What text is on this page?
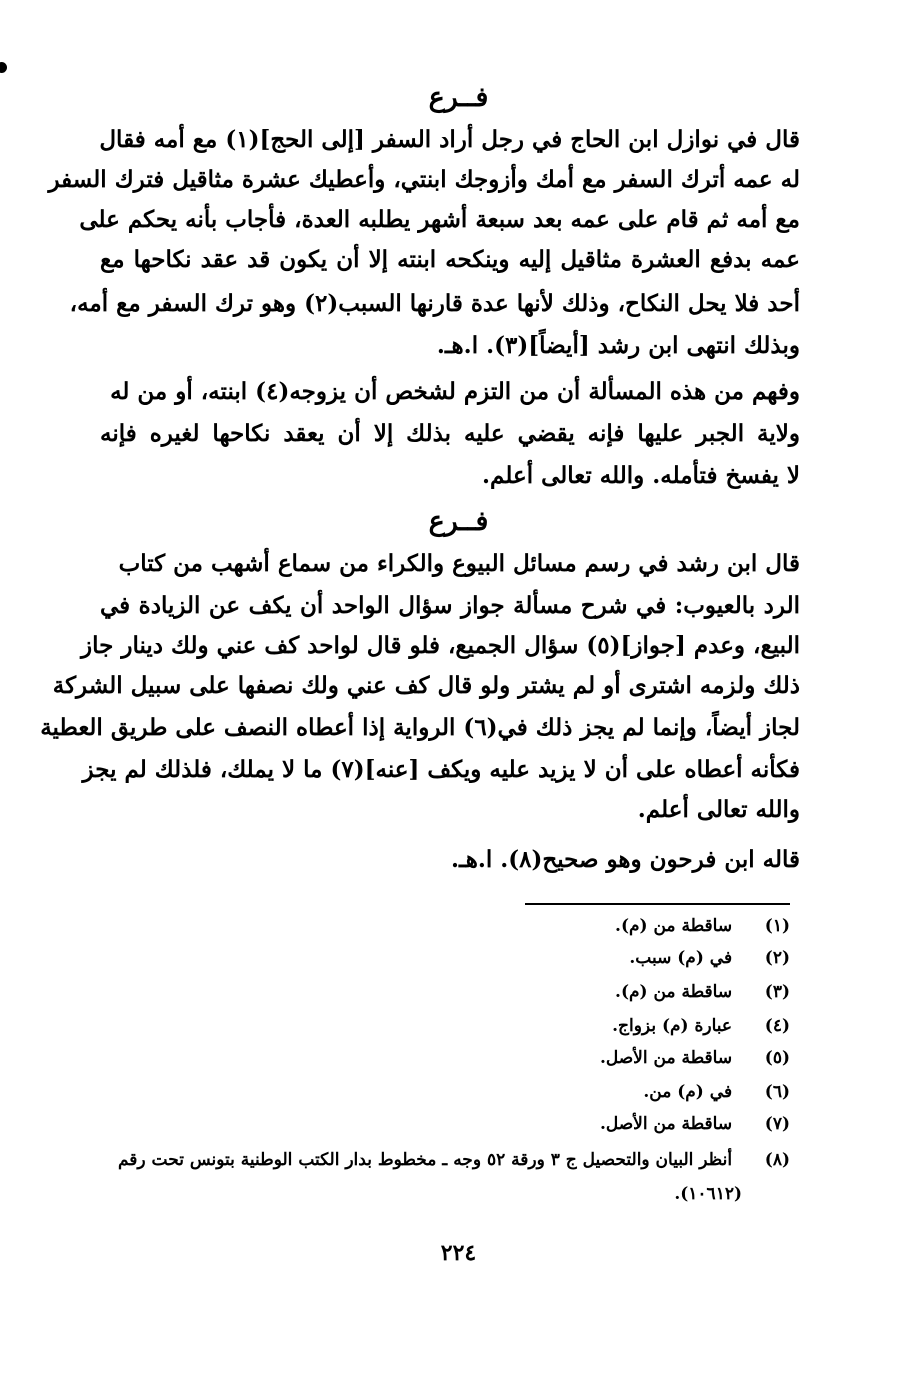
فــرع
قال في نوازل ابن الحاج في رجل أراد السفر [إلى الحج](١) مع أمه فقال
له عمه أترك السفر مع أمك وأزوجك ابنتي، وأعطيك عشرة مثاقيل فترك السفر
مع أمه ثم قام على عمه بعد سبعة أشهر يطلبه العدة، فأجاب بأنه يحكم على
عمه بدفع العشرة مثاقيل إليه وينكحه ابنته إلا أن يكون قد عقد نكاحها مع
أحد فلا يحل النكاح، وذلك لأنها عدة قارنها السبب(٢) وهو ترك السفر مع أمه،
وبذلك انتهى ابن رشد [أيضاً](٣). ا.هـ.
وفهم من هذه المسألة أن من التزم لشخص أن يزوجه(٤) ابنته، أو من له
ولاية الجبر عليها فإنه يقضي عليه بذلك إلا أن يعقد نكاحها لغيره فإنه
لا يفسخ فتأمله. والله تعالى أعلم.
فــرع
قال ابن رشد في رسم مسائل البيوع والكراء من سماع أشهب من كتاب
الرد بالعيوب: في شرح مسألة جواز سؤال الواحد أن يكف عن الزيادة في
البيع، وعدم [جواز](٥) سؤال الجميع، فلو قال لواحد كف عني ولك دينار جاز
ذلك ولزمه اشترى أو لم يشتر ولو قال كف عني ولك نصفها على سبيل الشركة
لجاز أيضاً، وإنما لم يجز ذلك في(٦) الرواية إذا أعطاه النصف على طريق العطية
فكأنه أعطاه على أن لا يزيد عليه ويكف [عنه](٧) ما لا يملك، فلذلك لم يجز
والله تعالى أعلم.
قاله ابن فرحون وهو صحيح(٨). ا.هـ.
(١) ساقطة من (م).
(٢) في (م) سبب.
(٣) ساقطة من (م).
(٤) عبارة (م) بزواج.
(٥) ساقطة من الأصل.
(٦) في (م) من.
(٧) ساقطة من الأصل.
(٨) أنظر البيان والتحصيل ج ٣ ورقة ٥٢ وجه ـ مخطوط بدار الكتب الوطنية بتونس تحت رقم
(١٠٦١٢).
٢٢٤
